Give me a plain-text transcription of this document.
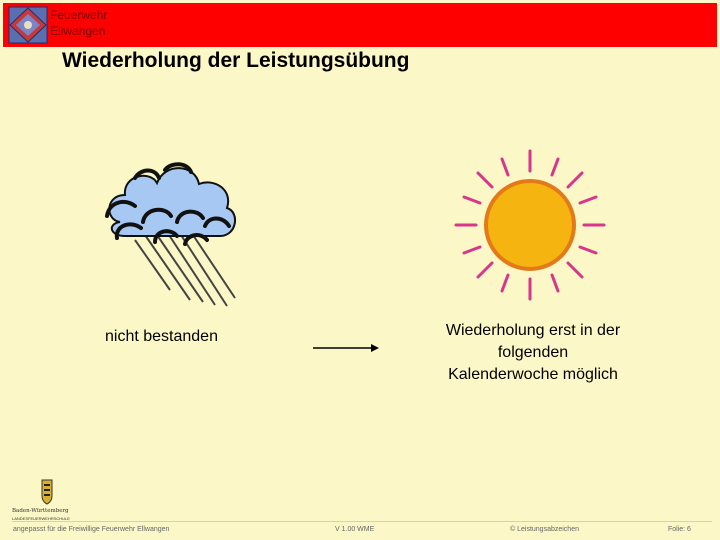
Feuerwehr
Ellwangen
Wiederholung der Leistungsübung
nicht bestanden	Wiederholung erst in der
folgenden
Kalenderwoche möglich
Baden-Württemberg
LANDESFEUERWEHRSCHULE
angepasst für die Freiwillige Feuerwehr Ellwangen	V 1.00 WME	© Leistungsabzeichen	Folie: 6
